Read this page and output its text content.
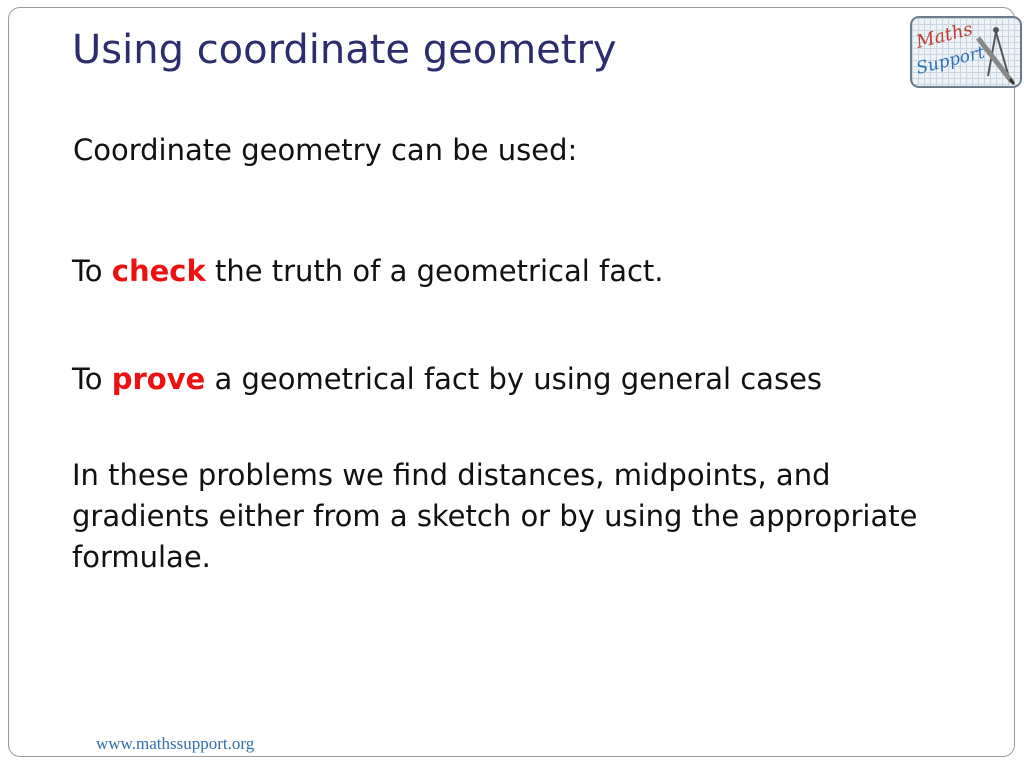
Using coordinate geometry	Maths
Support

Coordinate geometry can be used:

To check the truth of a geometrical fact.

To prove a geometrical fact by using general cases

In these problems we find distances, midpoints, and gradients either from a sketch or by using the appropriate formulae.

www.mathssupport.org
